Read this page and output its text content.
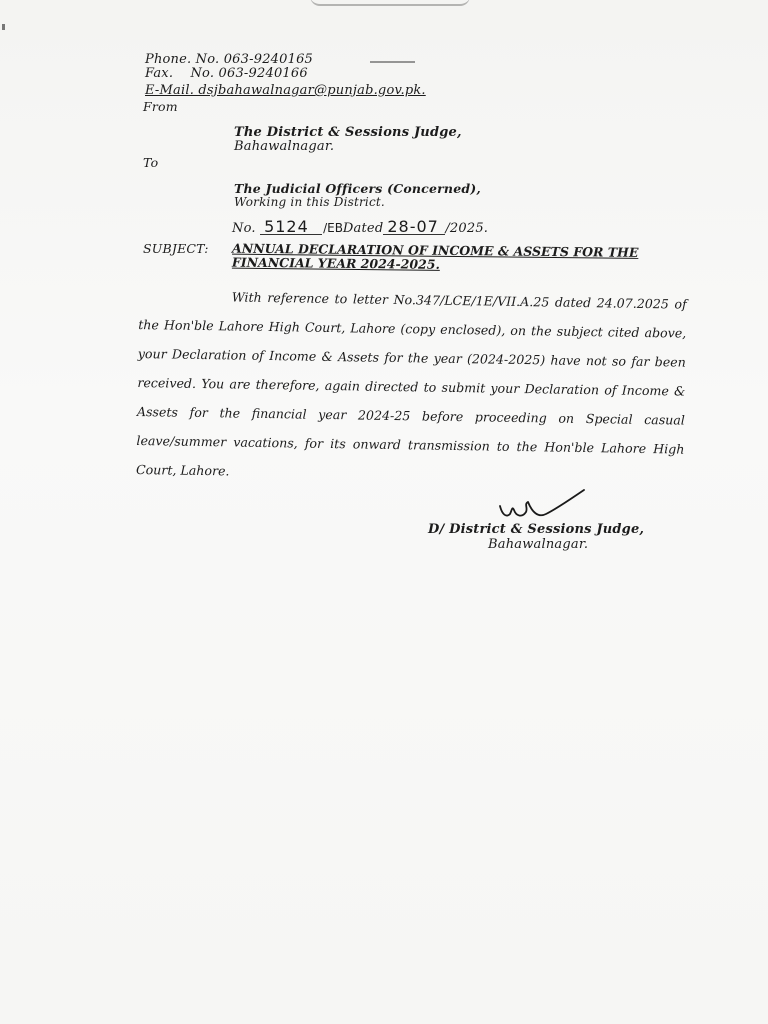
Phone. No. 063-9240165
Fax.    No. 063-9240166
E-Mail. dsjbahawalnagar@punjab.gov.pk.
From
The District & Sessions Judge,
Bahawalnagar.
To
The Judicial Officers (Concerned),
Working in this District.
No. 5124 /EBDated 28-07 /2025.
SUBJECT: ANNUAL DECLARATION OF INCOME & ASSETS FOR THE FINANCIAL YEAR 2024-2025.
With reference to letter No.347/LCE/1E/VII.A.25 dated 24.07.2025 of the Hon'ble Lahore High Court, Lahore (copy enclosed), on the subject cited above, your Declaration of Income & Assets for the year (2024-2025) have not so far been received. You are therefore, again directed to submit your Declaration of Income & Assets for the financial year 2024-25 before proceeding on Special casual leave/summer vacations, for its onward transmission to the Hon'ble Lahore High Court, Lahore.
D/ District & Sessions Judge,
Bahawalnagar.
